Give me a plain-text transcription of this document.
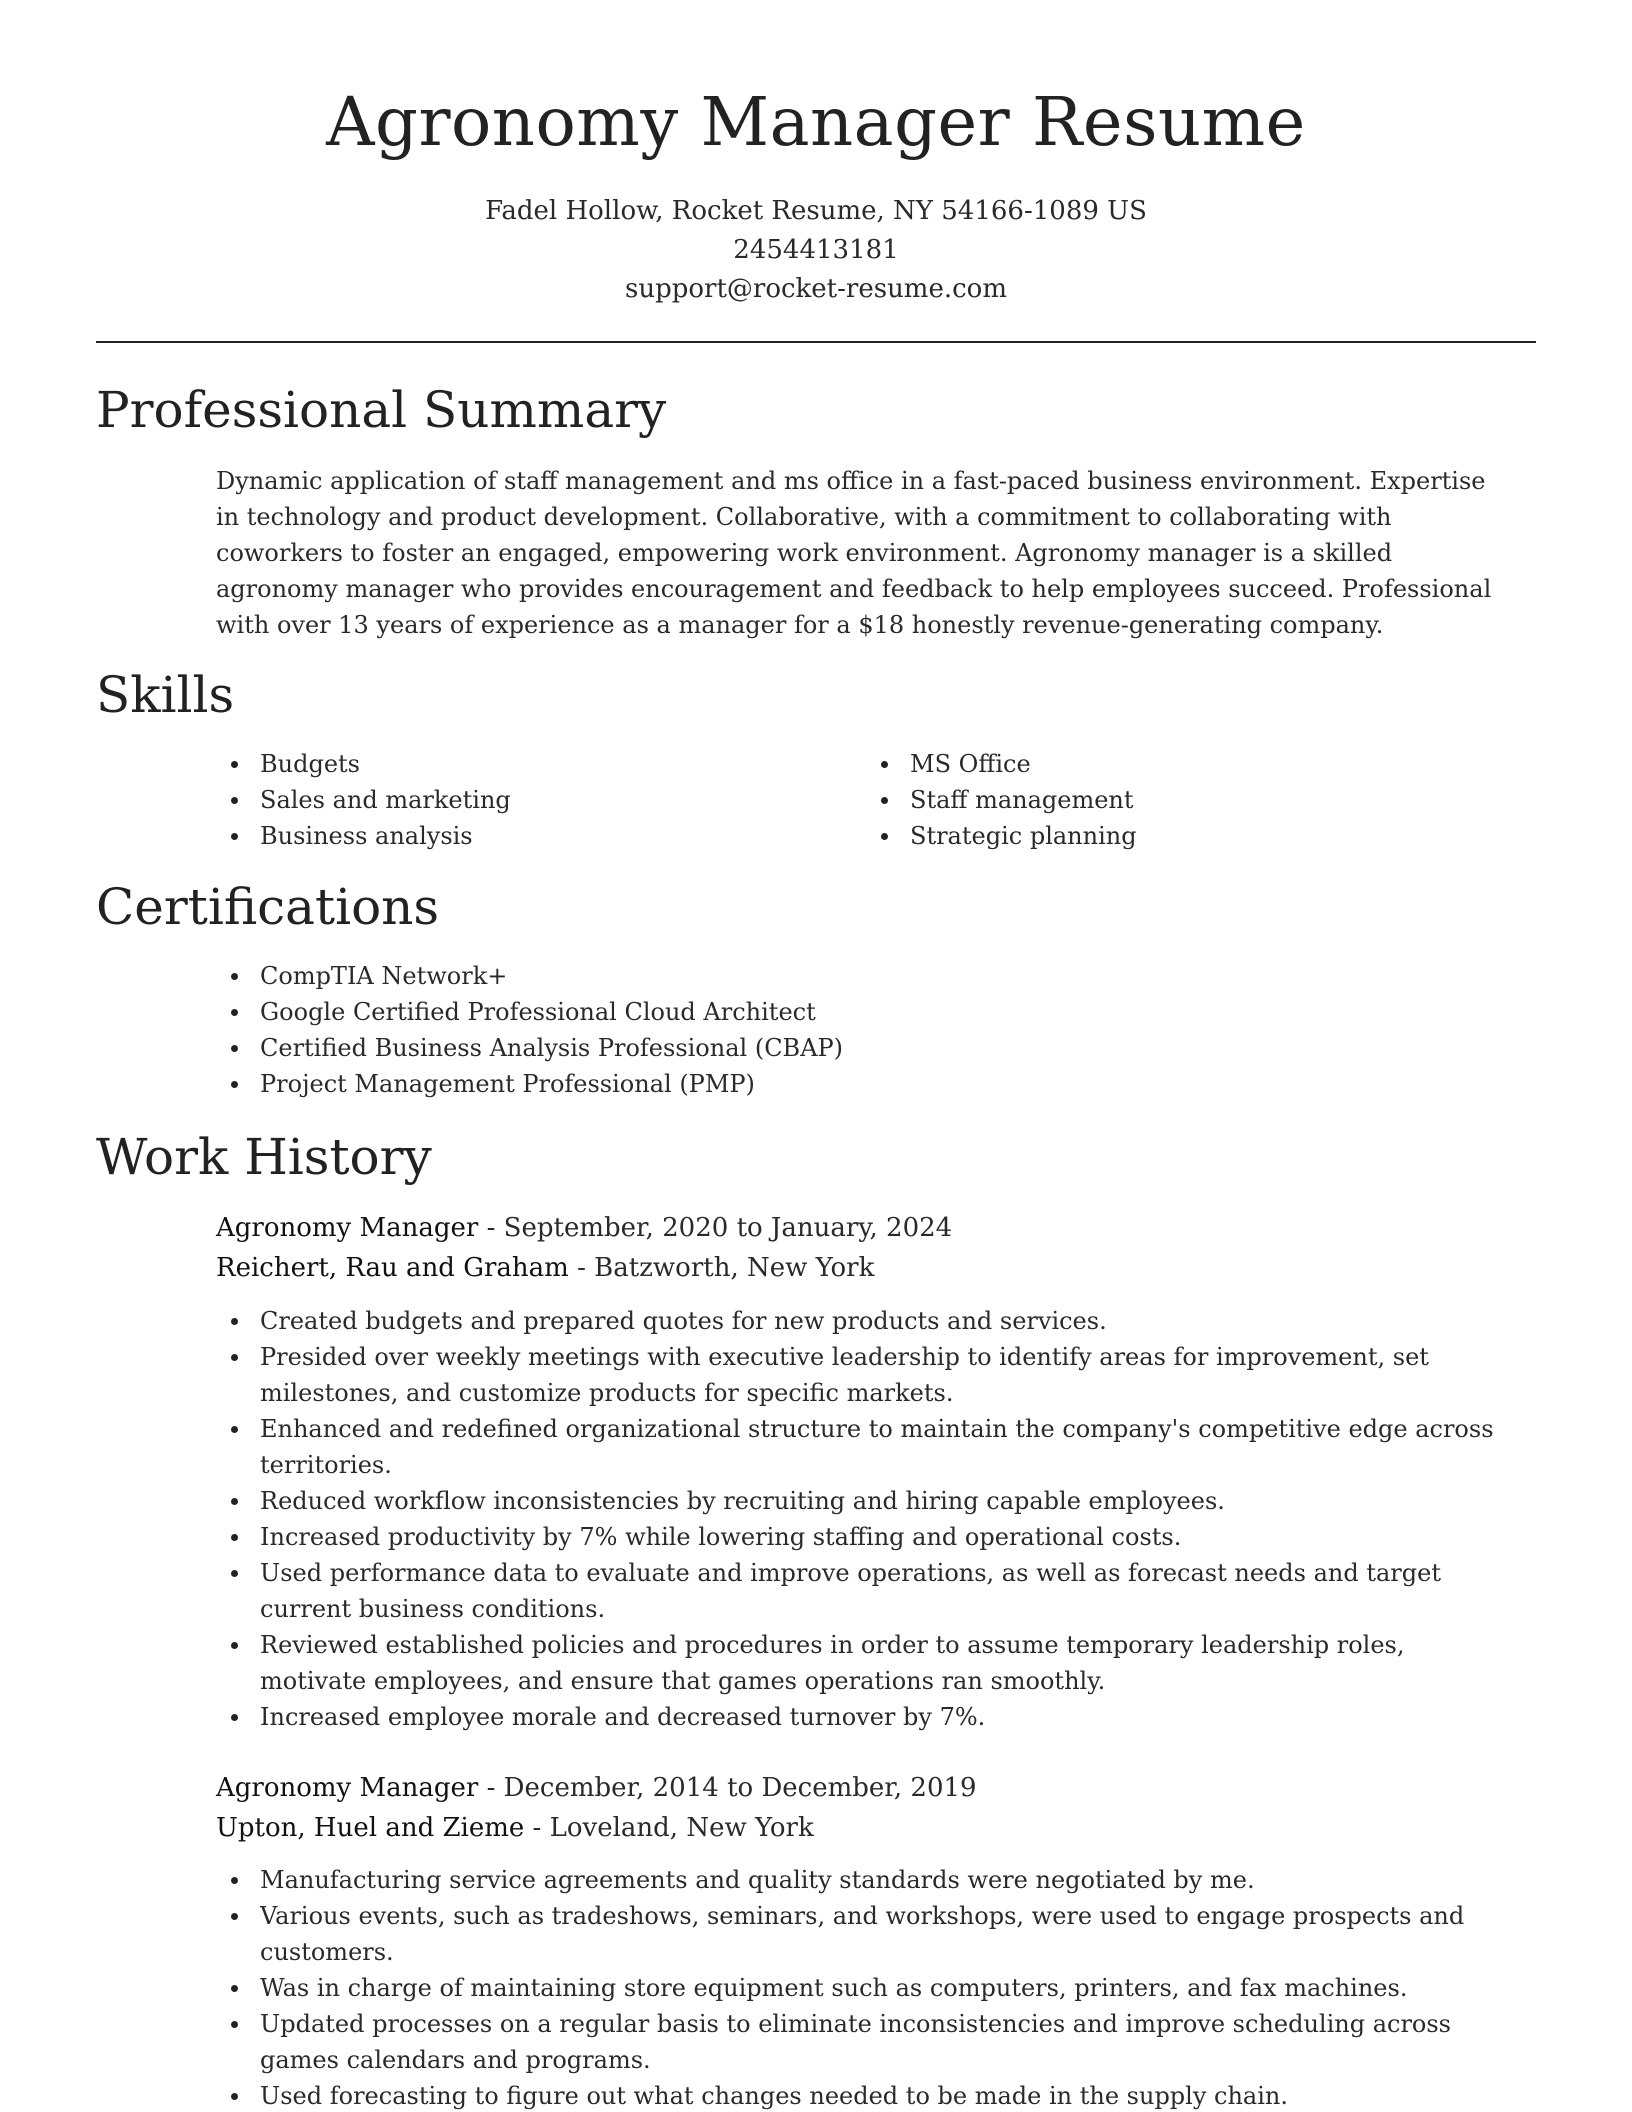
Agronomy Manager Resume
Fadel Hollow, Rocket Resume, NY 54166-1089 US
2454413181
support@rocket-resume.com
Professional Summary

Dynamic application of staff management and ms office in a fast-paced business environment. Expertise in technology and product development. Collaborative, with a commitment to collaborating with coworkers to foster an engaged, empowering work environment. Agronomy manager is a skilled agronomy manager who provides encouragement and feedback to help employees succeed. Professional with over 13 years of experience as a manager for a $18 honestly revenue-generating company.

Skills
Budgets
Sales and marketing
Business analysis
MS Office
Staff management
Strategic planning
Certifications
CompTIA Network+
Google Certified Professional Cloud Architect
Certified Business Analysis Professional (CBAP)
Project Management Professional (PMP)
Work History
Agronomy Manager - September, 2020 to January, 2024
Reichert, Rau and Graham - Batzworth, New York
Created budgets and prepared quotes for new products and services.
Presided over weekly meetings with executive leadership to identify areas for improvement, set milestones, and customize products for specific markets.
Enhanced and redefined organizational structure to maintain the company's competitive edge across territories.
Reduced workflow inconsistencies by recruiting and hiring capable employees.
Increased productivity by 7% while lowering staffing and operational costs.
Used performance data to evaluate and improve operations, as well as forecast needs and target current business conditions.
Reviewed established policies and procedures in order to assume temporary leadership roles, motivate employees, and ensure that games operations ran smoothly.
Increased employee morale and decreased turnover by 7%.
Agronomy Manager - December, 2014 to December, 2019
Upton, Huel and Zieme - Loveland, New York
Manufacturing service agreements and quality standards were negotiated by me.
Various events, such as tradeshows, seminars, and workshops, were used to engage prospects and customers.
Was in charge of maintaining store equipment such as computers, printers, and fax machines.
Updated processes on a regular basis to eliminate inconsistencies and improve scheduling across games calendars and programs.
Used forecasting to figure out what changes needed to be made in the supply chain.
